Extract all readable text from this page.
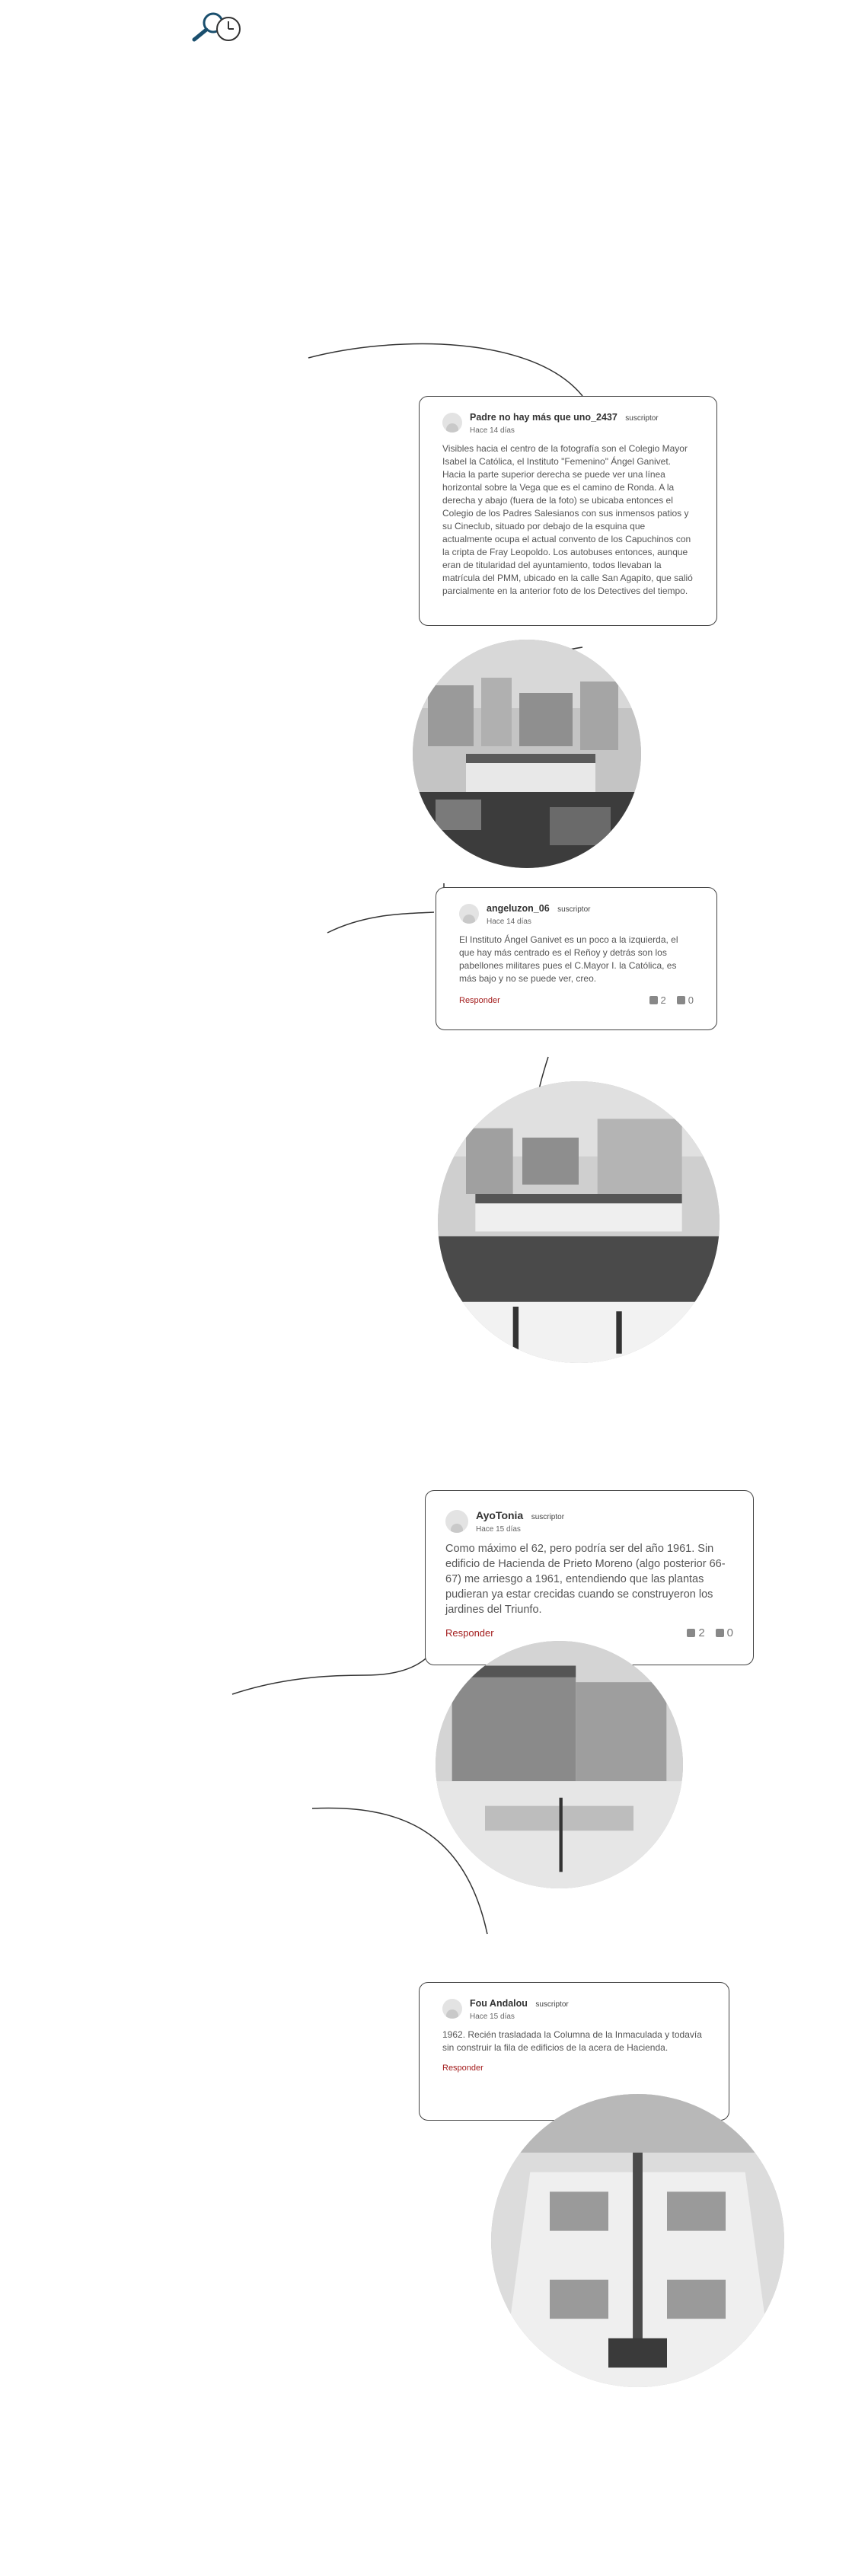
Padre no hay más que uno_2437 suscriptor
Hace 14 días
Visibles hacia el centro de la fotografía son el Colegio Mayor Isabel la Católica, el Instituto "Femenino" Ángel Ganivet. Hacia la parte superior derecha se puede ver una línea horizontal sobre la Vega que es el camino de Ronda. A la derecha y abajo (fuera de la foto) se ubicaba entonces el Colegio de los Padres Salesianos con sus inmensos patios y su Cineclub, situado por debajo de la esquina que actualmente ocupa el actual convento de los Capuchinos con la cripta de Fray Leopoldo. Los autobuses entonces, aunque eran de titularidad del ayuntamiento, todos llevaban la matrícula del PMM, ubicado en la calle San Agapito, que salió parcialmente en la anterior foto de los Detectives del tiempo.
angeluzon_06 suscriptor
Hace 14 días
El Instituto Ángel Ganivet es un poco a la izquierda, el que hay más centrado es el Reñoy y detrás son los pabellones militares pues el C.Mayor I. la Católica, es más bajo y no se puede ver, creo.
Responder	2	0
AyoTonia suscriptor
Hace 15 días
Como máximo el 62, pero podría ser del año 1961. Sin edificio de Hacienda de Prieto Moreno (algo posterior 66-67) me arriesgo a 1961, entendiendo que las plantas pudieran ya estar crecidas cuando se construyeron los jardines del Triunfo.
Responder	2	0
Fou Andalou suscriptor
Hace 15 días
1962. Recién trasladada la Columna de la Inmaculada y todavía sin construir la fila de edificios de la acera de Hacienda.
Responder
